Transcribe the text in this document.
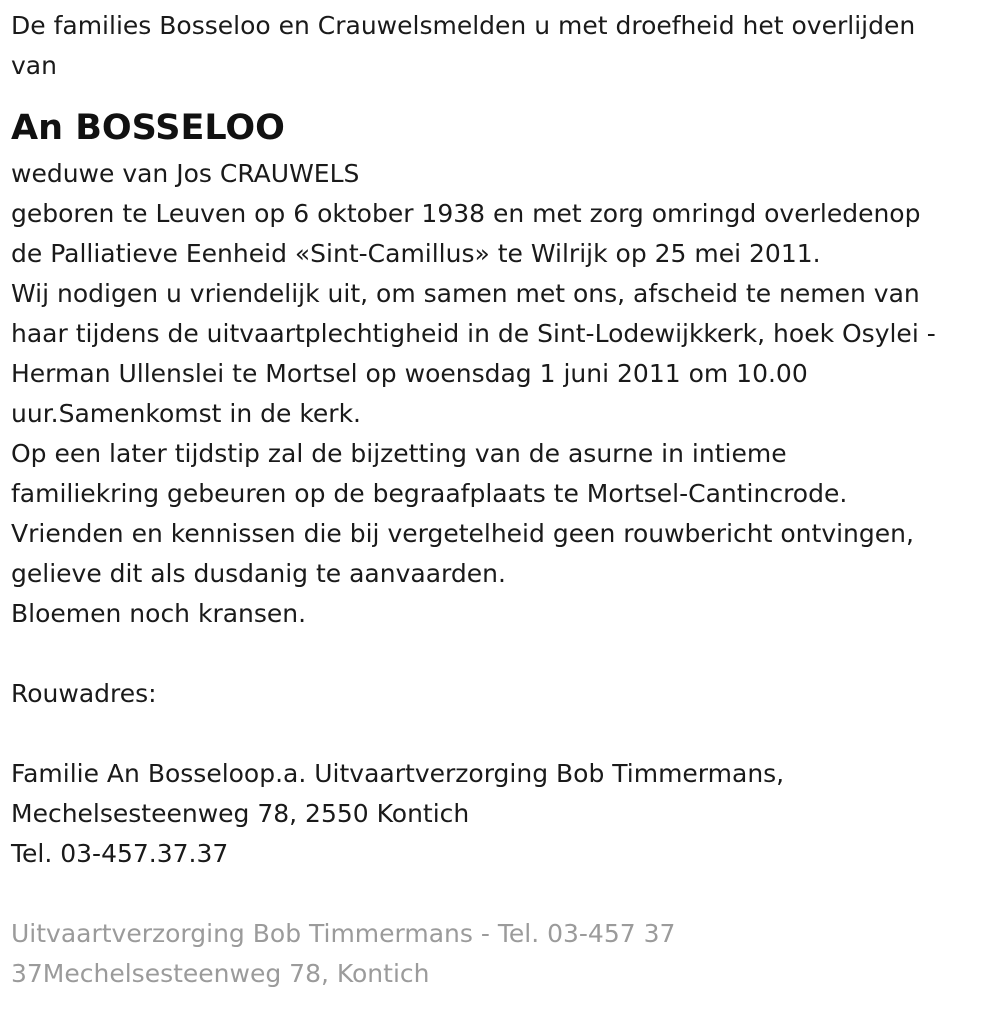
De families Bosseloo en Crauwelsmelden u met droefheid het overlijden

van

An BOSSELOO

weduwe van Jos CRAUWELS

geboren te Leuven op 6 oktober 1938 en met zorg omringd overledenop

de Palliatieve Eenheid «Sint-Camillus» te Wilrijk op 25 mei 2011.

Wij nodigen u vriendelijk uit, om samen met ons, afscheid te nemen van

haar tijdens de uitvaartplechtigheid in de Sint-Lodewijkkerk, hoek Osylei -

Herman Ullenslei te Mortsel op woensdag 1 juni 2011 om 10.00

uur.Samenkomst in de kerk.

Op een later tijdstip zal de bijzetting van de asurne in intieme

familiekring gebeuren op de begraafplaats te Mortsel-Cantincrode.

Vrienden en kennissen die bij vergetelheid geen rouwbericht ontvingen,

gelieve dit als dusdanig te aanvaarden.

Bloemen noch kransen.

Rouwadres:

Familie An Bosseloop.a. Uitvaartverzorging Bob Timmermans,

Mechelsesteenweg 78, 2550 Kontich

Tel. 03-457.37.37

Uitvaartverzorging Bob Timmermans - Tel. 03-457 37

37Mechelsesteenweg 78, Kontich
